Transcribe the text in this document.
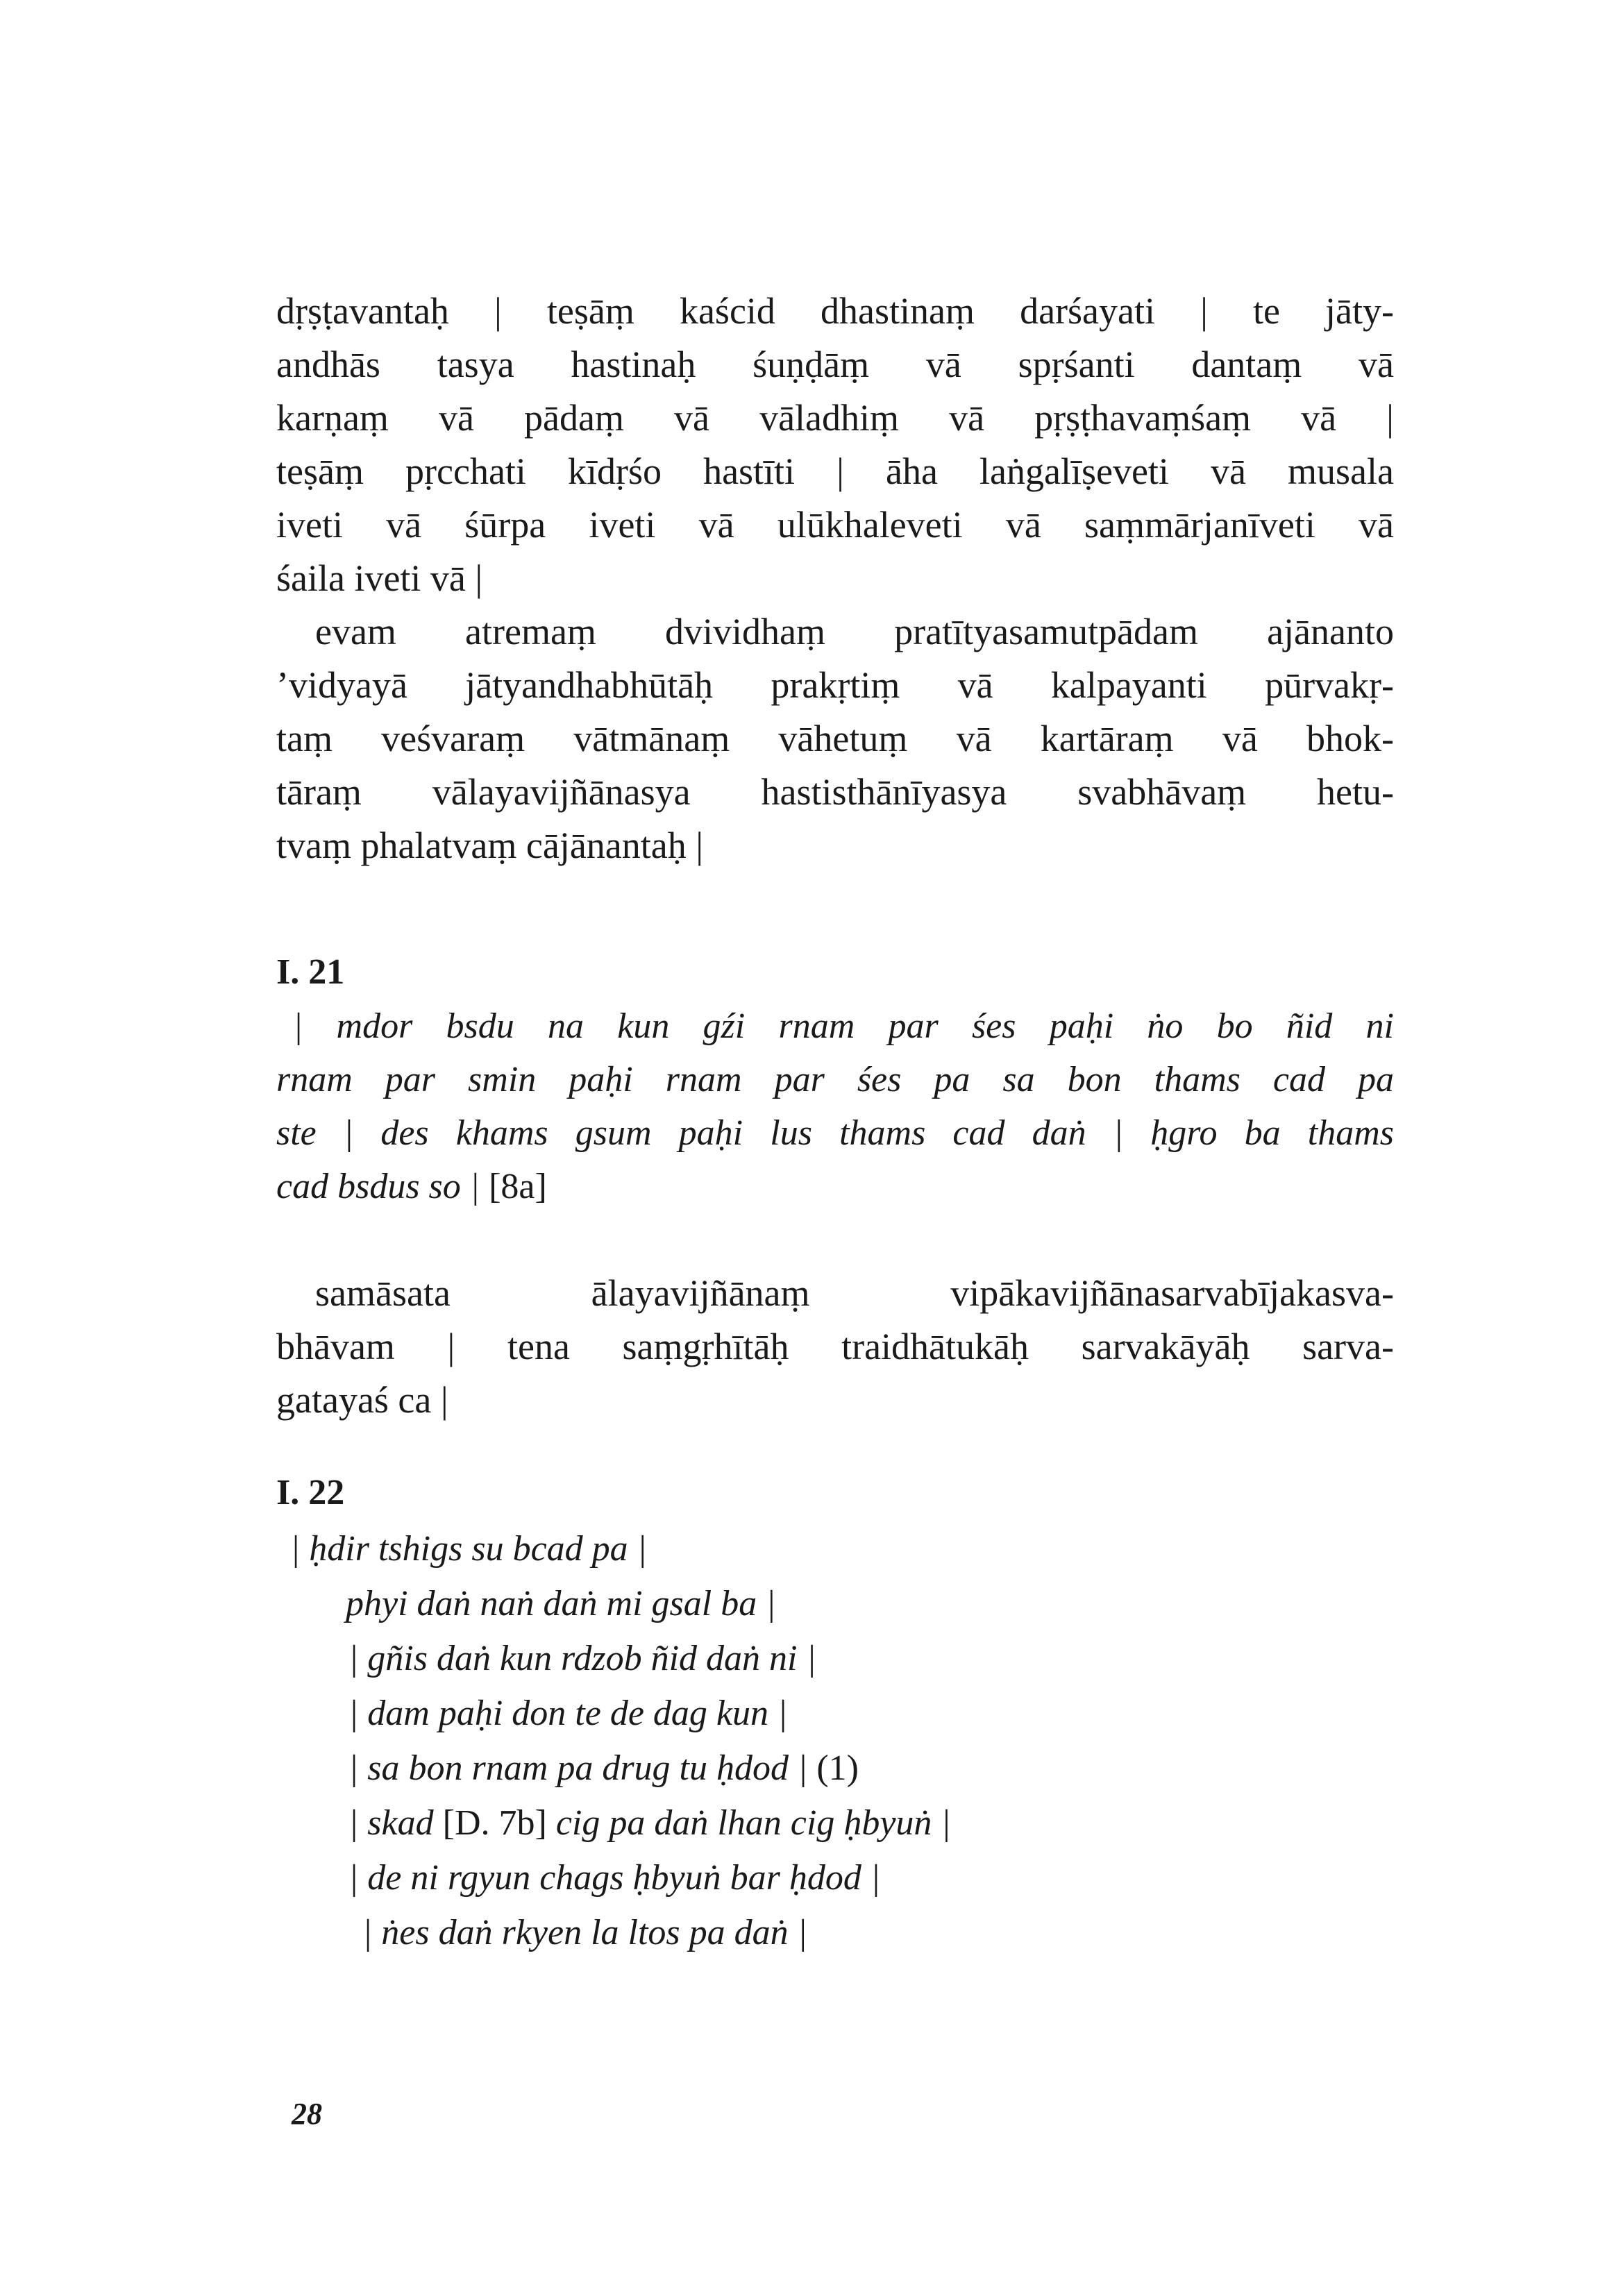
dṛṣṭavantaḥ | teṣāṃ kaścid dhastinaṃ darśayati | te jāty-
andhās tasya hastinaḥ śuṇḍāṃ vā spṛśanti dantaṃ vā
karṇaṃ vā pādaṃ vā vāladhiṃ vā pṛṣṭhavaṃśaṃ vā |
teṣāṃ pṛcchati kīdṛśo hastīti | āha laṅgalīṣeveti vā musala
iveti vā śūrpa iveti vā ulūkhaleveti vā saṃmārjanīveti vā
śaila iveti vā |
evam atremaṃ dvividhaṃ pratītyasamutpādam ajānanto
’vidyayā jātyandhabhūtāḥ prakṛtiṃ vā kalpayanti pūrvakṛ-
taṃ veśvaraṃ vātmānaṃ vāhetuṃ vā kartāraṃ vā bhok-
tāraṃ vālayavijñānasya hastisthānīyasya svabhāvaṃ hetu-
tvaṃ phalatvaṃ cājānantaḥ |
I. 21
| mdor bsdu na kun gźi rnam par śes paḥi ṅo bo ñid ni
rnam par smin paḥi rnam par śes pa sa bon thams cad pa
ste | des khams gsum paḥi lus thams cad daṅ | ḥgro ba thams
cad bsdus so | [8a]
samāsata ālayavijñānaṃ vipākavijñānasarvabījakasva-
bhāvam | tena saṃgṛhītāḥ traidhātukāḥ sarvakāyāḥ sarva-
gatayaś ca |
I. 22
| ḥdir tshigs su bcad pa |
phyi daṅ naṅ daṅ mi gsal ba |
| gñis daṅ kun rdzob ñid daṅ ni |
| dam paḥi don te de dag kun |
| sa bon rnam pa drug tu ḥdod | (1)
| skad [D. 7b] cig pa daṅ lhan cig ḥbyuṅ |
| de ni rgyun chags ḥbyuṅ bar ḥdod |
| ṅes daṅ rkyen la ltos pa daṅ |
28
